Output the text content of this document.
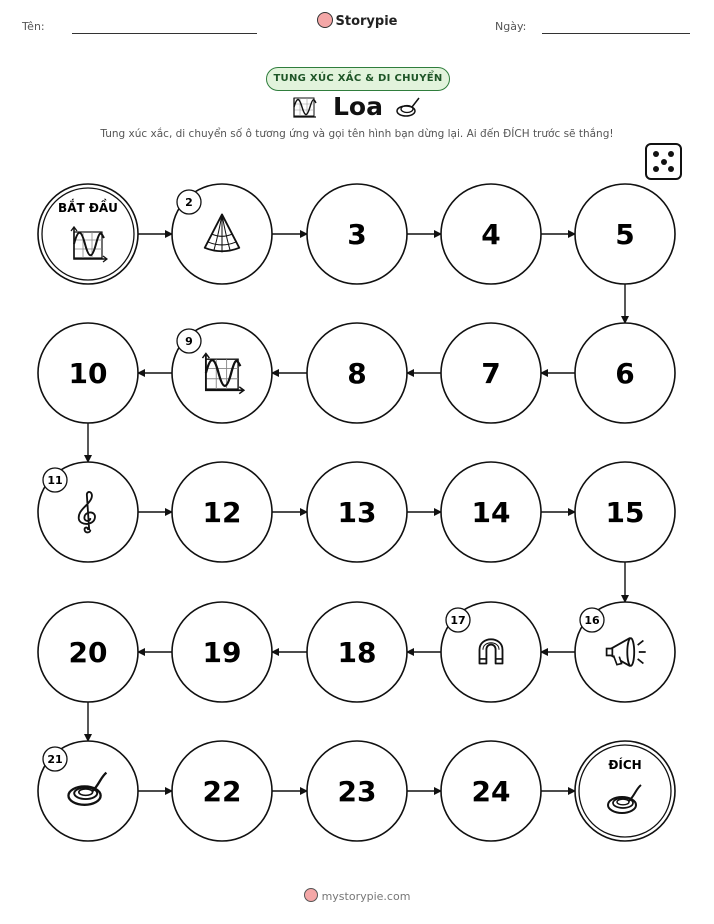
Tên:	Storypie	Ngày:
TUNG XÚC XẮC & DI CHUYỂN
Loa
Tung xúc xắc, di chuyển số ô tương ứng và gọi tên hình bạn dừng lại. Ai đến ĐÍCH trước sẽ thắng!
BẮT ĐẦU	2
3	4	5
6
7
8
9
10
11
12	13	14	15
16
17
18
19
20
21
22	23	24
ĐÍCH
mystorypie.com
